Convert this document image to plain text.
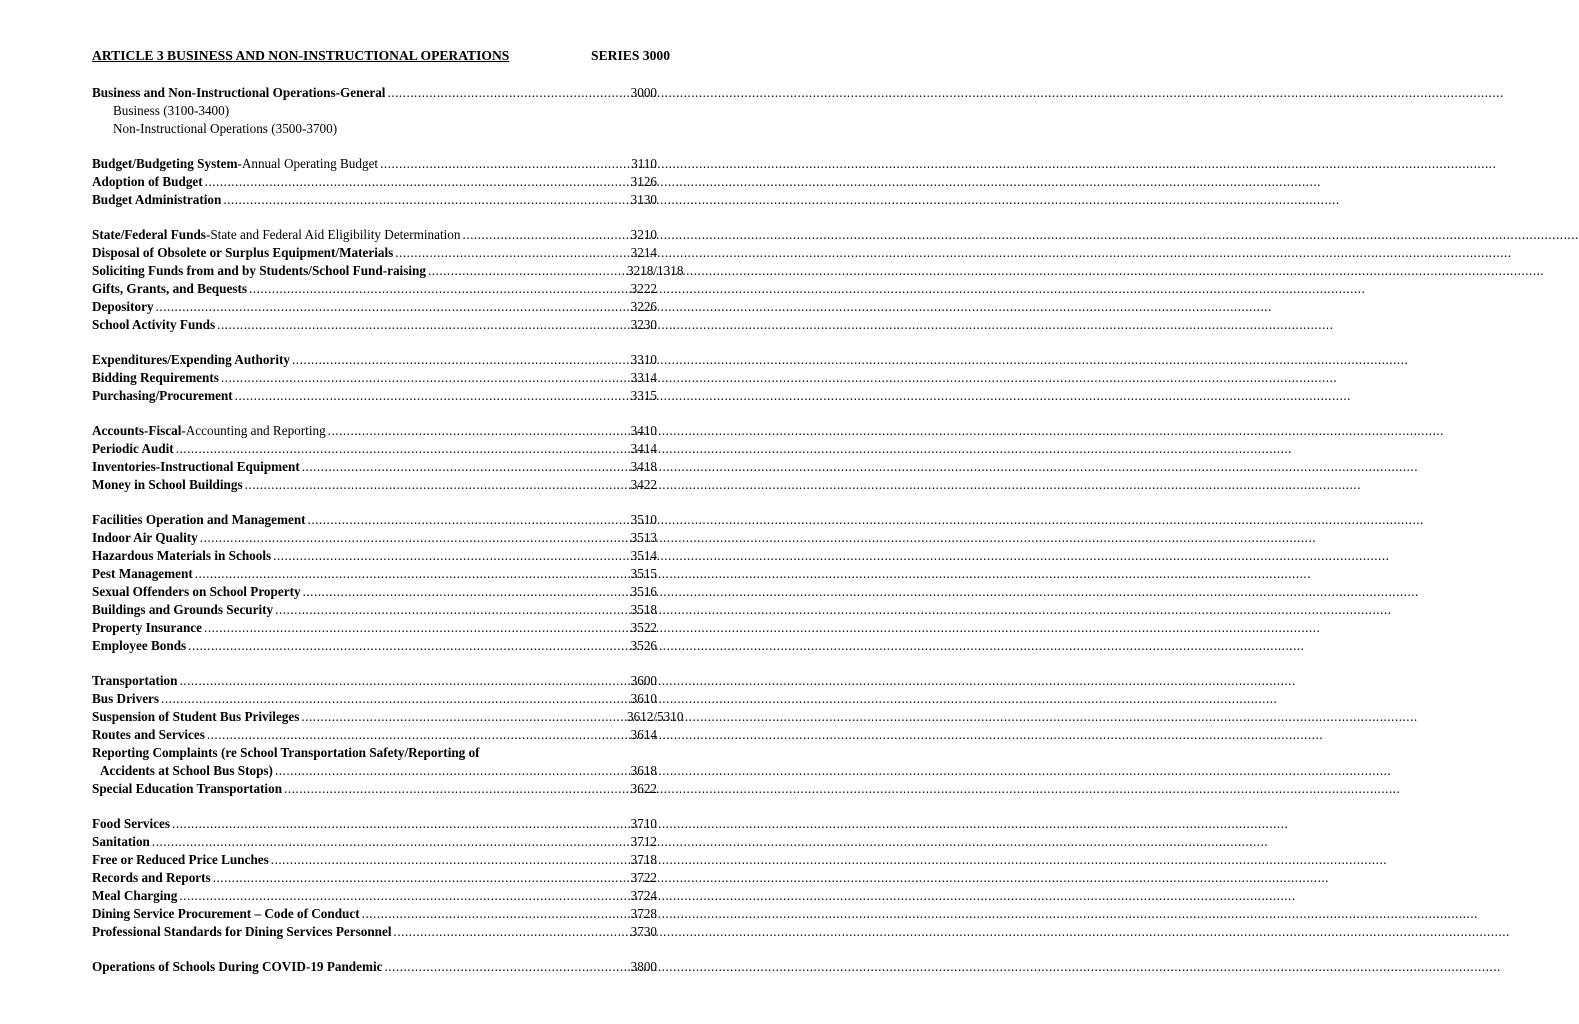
ARTICLE 3 BUSINESS AND NON-INSTRUCTIONAL OPERATIONS	SERIES 3000
Business and Non-Instructional Operations-General .....	3000
Business (3100-3400)
Non-Instructional Operations (3500-3700)
Budget/Budgeting System-Annual Operating Budget .....	3110
Adoption of Budget .....	3126
Budget Administration .....	3130
State/Federal Funds-State and Federal Aid Eligibility Determination .....	3210
Disposal of Obsolete or Surplus Equipment/Materials .....	3214
Soliciting Funds from and by Students/School Fund-raising .....	3218/1318
Gifts, Grants, and Bequests .....	3222
Depository .....	3226
School Activity Funds .....	3230
Expenditures/Expending Authority .....	3310
Bidding Requirements .....	3314
Purchasing/Procurement .....	3315
Accounts-Fiscal-Accounting and Reporting .....	3410
Periodic Audit .....	3414
Inventories-Instructional Equipment .....	3418
Money in School Buildings .....	3422
Facilities Operation and Management .....	3510
Indoor Air Quality .....	3513
Hazardous Materials in Schools .....	3514
Pest Management .....	3515
Sexual Offenders on School Property .....	3516
Buildings and Grounds Security .....	3518
Property Insurance .....	3522
Employee Bonds .....	3526
Transportation .....	3600
Bus Drivers .....	3610
Suspension of Student Bus Privileges .....	3612/5310
Routes and Services .....	3614
Reporting Complaints (re School Transportation Safety/Reporting of
Accidents at School Bus Stops) .....	3618
Special Education Transportation .....	3622
Food Services .....	3710
Sanitation .....	3712
Free or Reduced Price Lunches .....	3718
Records and Reports .....	3722
Meal Charging .....	3724
Dining Service Procurement – Code of Conduct .....	3728
Professional Standards for Dining Services Personnel .....	3730
Operations of Schools During COVID-19 Pandemic .....	3800
